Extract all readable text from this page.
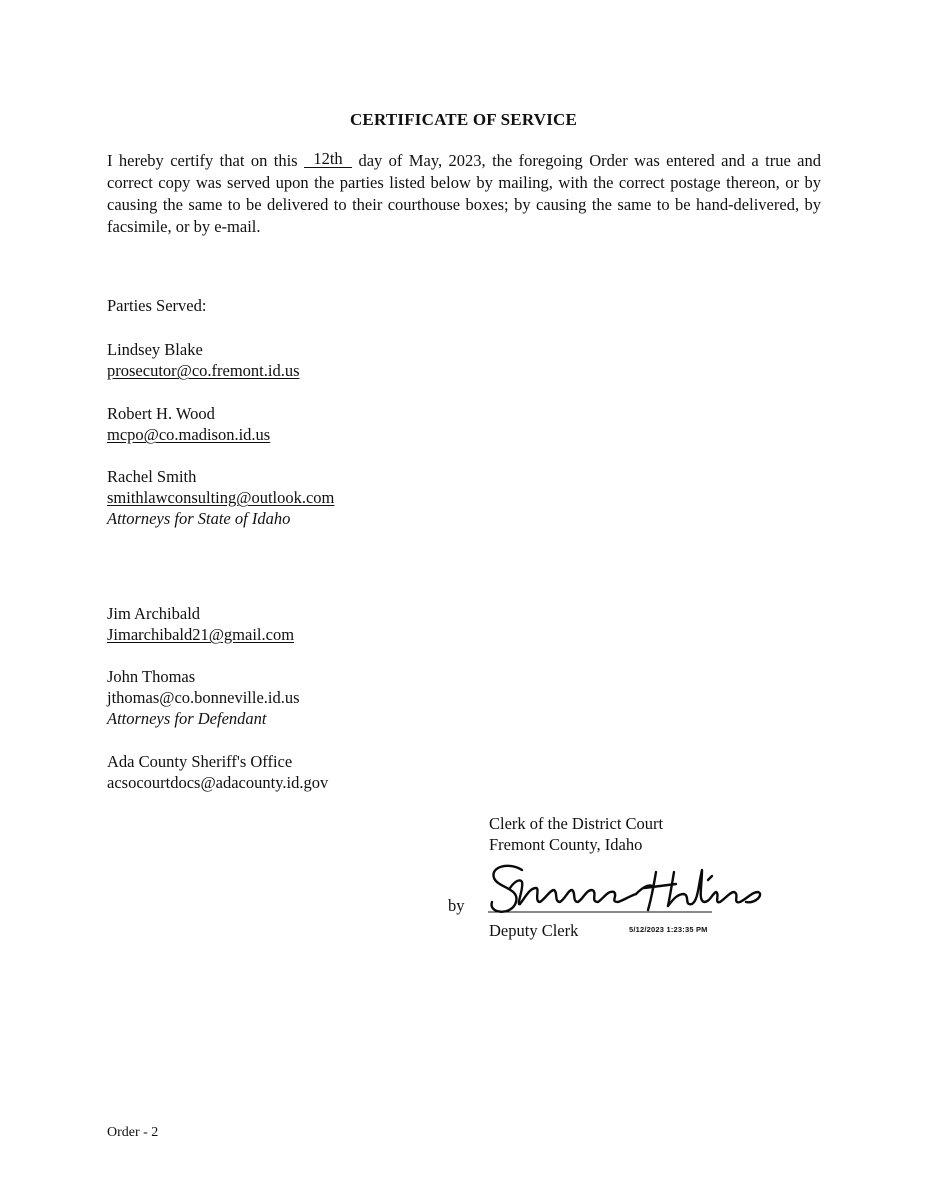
CERTIFICATE OF SERVICE
I hereby certify that on this 12th day of May, 2023, the foregoing Order was entered and a true and correct copy was served upon the parties listed below by mailing, with the correct postage thereon, or by causing the same to be delivered to their courthouse boxes; by causing the same to be hand-delivered, by facsimile, or by e-mail.
Parties Served:
Lindsey Blake
prosecutor@co.fremont.id.us
Robert H. Wood
mcpo@co.madison.id.us
Rachel Smith
smithlawconsulting@outlook.com
Attorneys for State of Idaho
Jim Archibald
Jimarchibald21@gmail.com
John Thomas
jthomas@co.bonneville.id.us
Attorneys for Defendant
Ada County Sheriff's Office
acsocourtdocs@adacounty.id.gov
Clerk of the District Court
Fremont County, Idaho
by
Deputy Clerk	5/12/2023 1:23:35 PM
Order - 2
